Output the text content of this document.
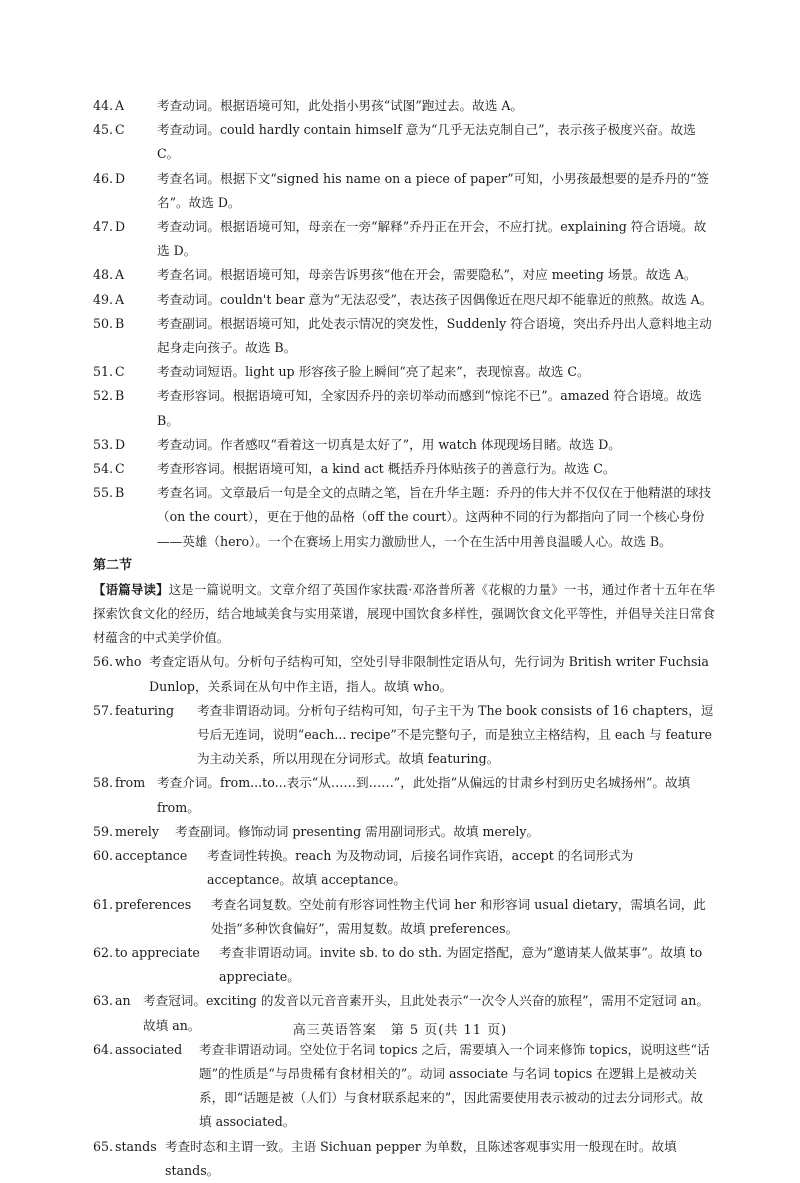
44. A	考查动词。根据语境可知，此处指小男孩“试图”跑过去。故选 A。
45. C	考查动词。could hardly contain himself 意为“几乎无法克制自己”，表示孩子极度兴奋。故选 C。
46. D	考查名词。根据下文“signed his name on a piece of paper”可知，小男孩最想要的是乔丹的“签名”。故选 D。
47. D	考查动词。根据语境可知，母亲在一旁“解释”乔丹正在开会，不应打扰。explaining 符合语境。故选 D。
48. A	考查名词。根据语境可知，母亲告诉男孩“他在开会，需要隐私”，对应 meeting 场景。故选 A。
49. A	考查动词。couldn't bear 意为“无法忍受”，表达孩子因偶像近在咫尺却不能靠近的煎熬。故选 A。
50. B	考查副词。根据语境可知，此处表示情况的突发性，Suddenly 符合语境，突出乔丹出人意料地主动起身走向孩子。故选 B。
51. C	考查动词短语。light up 形容孩子脸上瞬间“亮了起来”，表现惊喜。故选 C。
52. B	考查形容词。根据语境可知，全家因乔丹的亲切举动而感到“惊诧不已”。amazed 符合语境。故选 B。
53. D	考查动词。作者感叹“看着这一切真是太好了”，用 watch 体现现场目睹。故选 D。
54. C	考查形容词。根据语境可知，a kind act 概括乔丹体贴孩子的善意行为。故选 C。
55. B	考查名词。文章最后一句是全文的点睛之笔，旨在升华主题：乔丹的伟大并不仅仅在于他精湛的球技（on the court），更在于他的品格（off the court）。这两种不同的行为都指向了同一个核心身份——英雄（hero）。一个在赛场上用实力激励世人，一个在生活中用善良温暖人心。故选 B。
第二节
【语篇导读】这是一篇说明文。文章介绍了英国作家扶霞·邓洛普所著《花椒的力量》一书，通过作者十五年在华探索饮食文化的经历，结合地域美食与实用菜谱，展现中国饮食多样性，强调饮食文化平等性，并倡导关注日常食材蕴含的中式美学价值。
56. who 考查定语从句。分析句子结构可知，空处引导非限制性定语从句，先行词为 British writer Fuchsia Dunlop，关系词在从句中作主语，指人。故填 who。
57. featuring	考查非谓语动词。分析句子结构可知，句子主干为 The book consists of 16 chapters，逗号后无连词，说明“each... recipe”不是完整句子，而是独立主格结构，且 each 与 feature 为主动关系，所以用现在分词形式。故填 featuring。
58. from 考查介词。from...to...表示“从……到……”，此处指“从偏远的甘肃乡村到历史名城扬州”。故填 from。
59. merely	考查副词。修饰动词 presenting 需用副词形式。故填 merely。
60. acceptance	考查词性转换。reach 为及物动词，后接名词作宾语，accept 的名词形式为 acceptance。故填 acceptance。
61. preferences	考查名词复数。空处前有形容词性物主代词 her 和形容词 usual dietary，需填名词，此处指“多种饮食偏好”，需用复数。故填 preferences。
62. to appreciate	考查非谓语动词。invite sb. to do sth. 为固定搭配，意为“邀请某人做某事”。故填 to appreciate。
63. an 考查冠词。exciting 的发音以元音音素开头，且此处表示“一次令人兴奋的旅程”，需用不定冠词 an。故填 an。
64. associated	考查非谓语动词。空处位于名词 topics 之后，需要填入一个词来修饰 topics，说明这些“话题”的性质是“与昂贵稀有食材相关的”。动词 associate 与名词 topics 在逻辑上是被动关系，即“话题是被（人们）与食材联系起来的”，因此需要使用表示被动的过去分词形式。故填 associated。
65. stands 考查时态和主谓一致。主语 Sichuan pepper 为单数，且陈述客观事实用一般现在时。故填 stands。
高三英语答案　第 5 页(共 11 页)
